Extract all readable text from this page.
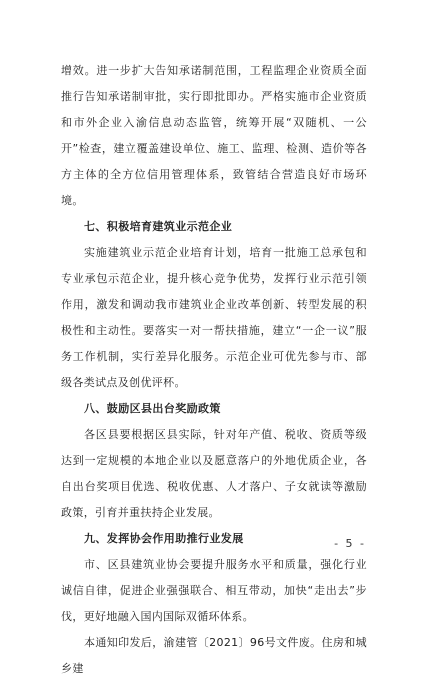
增效。进一步扩大告知承诺制范围，工程监理企业资质全面推行告知承诺制审批，实行即批即办。严格实施市企业资质和市外企业入渝信息动态监管，统筹开展“双随机、一公开”检查，建立覆盖建设单位、施工、监理、检测、造价等各方主体的全方位信用管理体系，致管结合营造良好市场环境。

七、积极培育建筑业示范企业

实施建筑业示范企业培育计划，培育一批施工总承包和专业承包示范企业，提升核心竞争优势，发挥行业示范引领作用，激发和调动我市建筑业企业改革创新、转型发展的积极性和主动性。要落实一对一帮扶措施，建立“一企一议”服务工作机制，实行差异化服务。示范企业可优先参与市、部级各类试点及创优评杯。

八、鼓励区县出台奖励政策

各区县要根据区县实际，针对年产值、税收、资质等级达到一定规模的本地企业以及愿意落户的外地优质企业，各自出台奖项目优选、税收优惠、人才落户、子女就读等激励政策，引育并重扶持企业发展。

九、发挥协会作用助推行业发展

市、区县建筑业协会要提升服务水平和质量，强化行业诚信自律，促进企业强强联合、相互带动，加快“走出去”步伐，更好地融入国内国际双循环体系。

本通知印发后，渝建管〔2021〕96号文件废。住房和城乡建

- 5 -
